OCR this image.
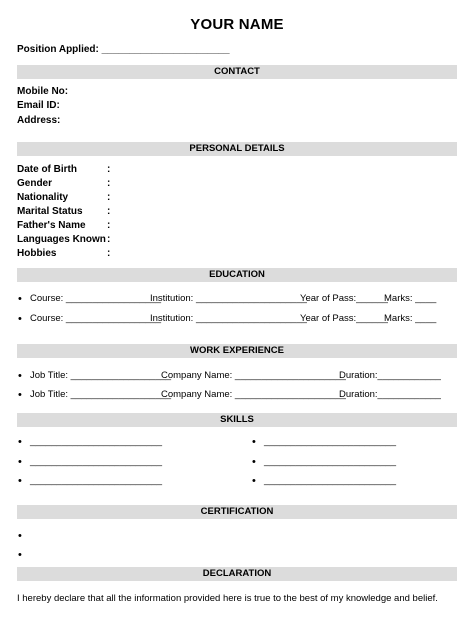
YOUR NAME
Position Applied: _______________________
CONTACT
Mobile No:
Email ID:
Address:
PERSONAL DETAILS
Date of Birth	:
Gender	:
Nationality	:
Marital Status :
Father's Name :
Languages Known :
Hobbies	:
EDUCATION
• Course: __________________
Institution: _____________________
Year of Pass:______
Marks: ____
• Course: __________________
Institution: _____________________
Year of Pass:______
Marks: ____
WORK EXPERIENCE
• Job Title: ___________________
Company Name: _____________________
Duration:____________
• Job Title: ___________________
Company Name: _____________________
Duration:____________
SKILLS
• _________________________	• _________________________
• _________________________	• _________________________
• _________________________	• _________________________
CERTIFICATION
•
•
DECLARATION
I hereby declare that all the information provided here is true to the best of my knowledge and belief.
